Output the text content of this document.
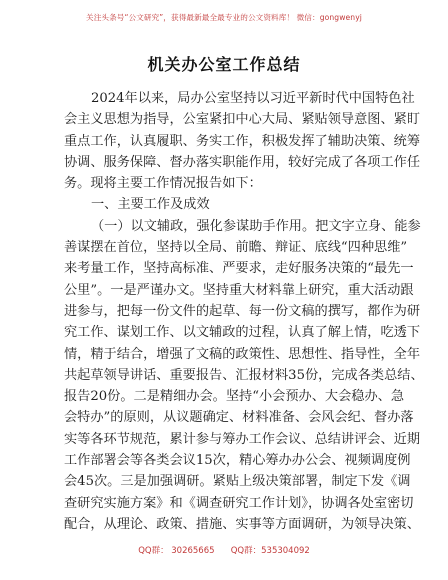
关注头条号“公文研究”，获得最新最全最专业的公文资料库！ 微信：gongwenyj
机关办公室工作总结
2024年以来，局办公室坚持以习近平新时代中国特色社
会主义思想为指导，公室紧扣中心大局、紧贴领导意图、紧盯
重点工作，认真履职、务实工作，积极发挥了辅助决策、统筹
协调、服务保障、督办落实职能作用，较好完成了各项工作任
务。现将主要工作情况报告如下：
一、主要工作及成效
（一）以文辅政，强化参谋助手作用。把文字立身、能参
善谋摆在首位，坚持以全局、前瞻、辩证、底线“四种思维”
来考量工作，坚持高标准、严要求，走好服务决策的“最先一
公里”。一是严谨办文。坚持重大材料靠上研究，重大活动跟
进参与，把每一份文件的起草、每一份文稿的撰写，都作为研
究工作、谋划工作、以文辅政的过程，认真了解上情，吃透下
情，精于结合，增强了文稿的政策性、思想性、指导性，全年
共起草领导讲话、重要报告、汇报材料35份，完成各类总结、
报告20份。二是精细办会。坚持“小会预办、大会稳办、急
会特办”的原则，从议题确定、材料准备、会风会纪、督办落
实等各环节规范，累计参与筹办工作会议、总结讲评会、近期
工作部署会等各类会议15次，精心筹办办公会、视频调度例
会45次。三是加强调研。紧贴上级决策部署，制定下发《调
查研究实施方案》和《调查研究工作计划》，协调各处室密切
配合，从理论、政策、措施、实事等方面调研，为领导决策、
QQ群： 30265665      QQ群：535304092
